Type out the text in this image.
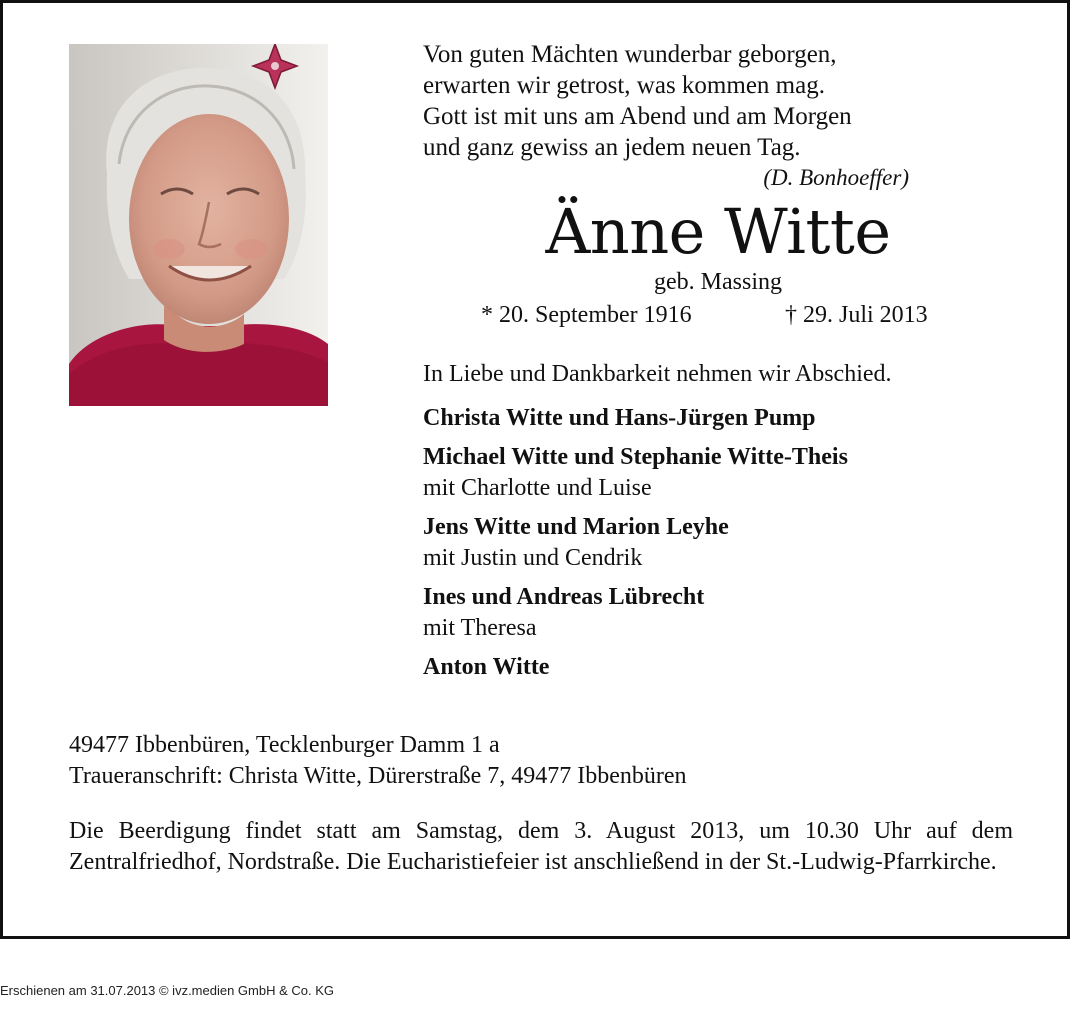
Von guten Mächten wunderbar geborgen,
erwarten wir getrost, was kommen mag.
Gott ist mit uns am Abend und am Morgen
und ganz gewiss an jedem neuen Tag.
(D. Bonhoeffer)
Änne Witte
geb. Massing
* 20. September 1916	† 29. Juli 2013
In Liebe und Dankbarkeit nehmen wir Abschied.
Christa Witte und Hans-Jürgen Pump
Michael Witte und Stephanie Witte-Theis
mit Charlotte und Luise
Jens Witte und Marion Leyhe
mit Justin und Cendrik
Ines und Andreas Lübrecht
mit Theresa
Anton Witte
49477 Ibbenbüren, Tecklenburger Damm 1 a
Traueranschrift: Christa Witte, Dürerstraße 7, 49477 Ibbenbüren
Die Beerdigung findet statt am Samstag, dem 3. August 2013, um 10.30 Uhr auf dem Zentralfriedhof, Nordstraße. Die Eucharistiefeier ist anschließend in der St.-Ludwig-Pfarrkirche.
Erschienen am 31.07.2013 © ivz.medien GmbH & Co. KG
